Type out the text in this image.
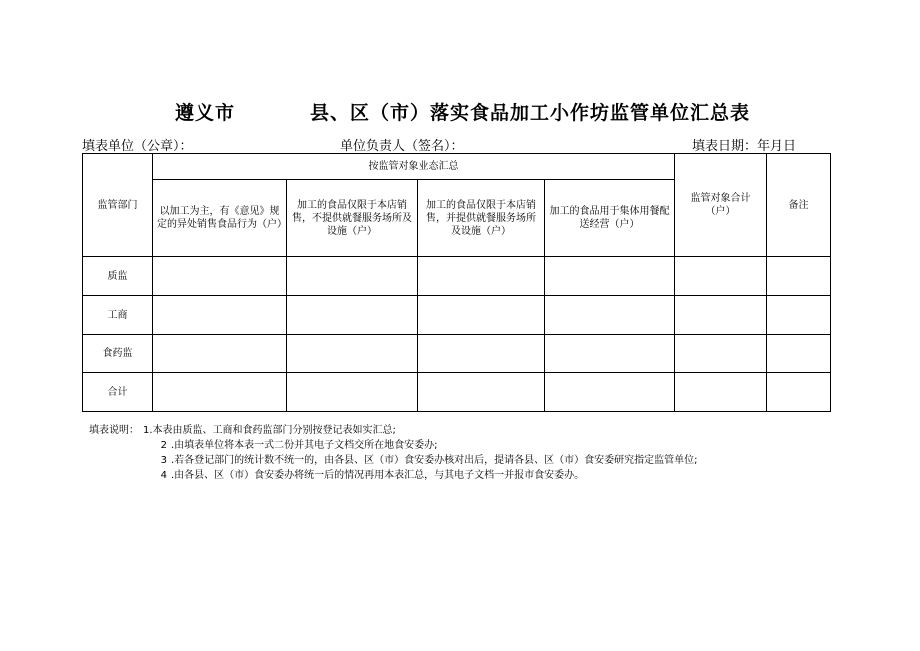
遵义市	县、区（市）落实食品加工小作坊监管单位汇总表
填表单位（公章）：	单位负责人（签名）：	填表日期：年月日
监管部门	按监管对象业态汇总				监管对象合计（户）	备注
	以加工为主，有《意见》规定的异处销售食品行为（户）	加工的食品仅限于本店销售，不提供就餐服务场所及设施（户）	加工的食品仅限于本店销售，并提供就餐服务场所及设施（户）	加工的食品用于集体用餐配送经营（户）		
质监						
工商						
食药监						
合计						
填表说明： 1.本表由质监、工商和食药监部门分别按登记表如实汇总;
2 .由填表单位将本表一式二份并其电子文档交所在地食安委办;
3 .若各登记部门的统计数不统一的，由各县、区（市）食安委办核对出后，提请各县、区（市）食安委研究指定监管单位;
4 .由各县、区（市）食安委办将统一后的情况再用本表汇总，与其电子文档一并报市食安委办。
